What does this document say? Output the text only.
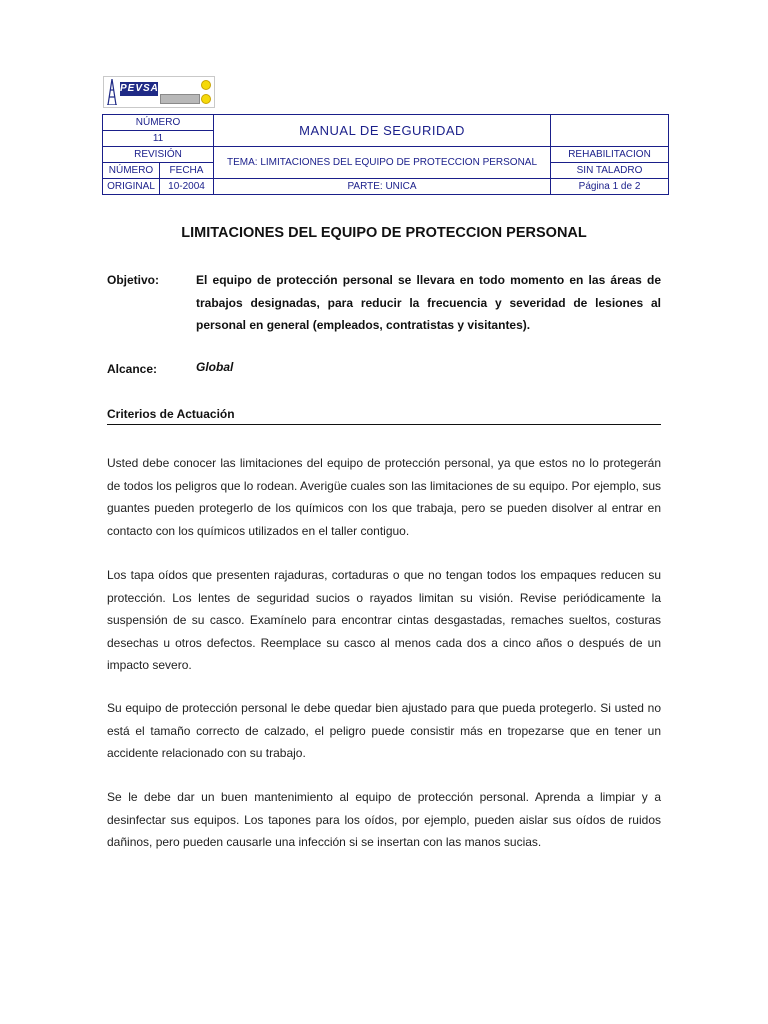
PEVSA
NÚMERO		MANUAL DE SEGURIDAD	
11			
REVISIÓN		TEMA: LIMITACIONES DEL EQUIPO DE PROTECCION PERSONAL	REHABILITACION
NÚMERO	FECHA		SIN TALADRO
ORIGINAL	10-2004	PARTE: UNICA	Página 1 de 2
LIMITACIONES DEL EQUIPO DE PROTECCION PERSONAL
Objetivo:	El equipo de protección personal se llevara en todo momento en las áreas de trabajos designadas, para reducir la frecuencia y severidad de lesiones al personal en general (empleados, contratistas y visitantes).
Alcance:	Global
Criterios de Actuación
Usted debe conocer las limitaciones del equipo de protección personal, ya que estos no lo protegerán de todos los peligros que lo rodean. Averigüe cuales son las limitaciones de su equipo. Por ejemplo, sus guantes pueden protegerlo de los químicos con los que trabaja, pero se pueden disolver al entrar en contacto con los químicos utilizados en el taller contiguo.
Los tapa oídos que presenten rajaduras, cortaduras o que no tengan todos los empaques reducen su protección. Los lentes de seguridad sucios o rayados limitan su visión. Revise periódicamente la suspensión de su casco. Examínelo para encontrar cintas desgastadas, remaches sueltos, costuras desechas u otros defectos. Reemplace su casco al menos cada dos a cinco años o después de un impacto severo.
Su equipo de protección personal le debe quedar bien ajustado para que pueda protegerlo. Si usted no está el tamaño correcto de calzado, el peligro puede consistir más en tropezarse que en tener un accidente relacionado con su trabajo.
Se le debe dar un buen mantenimiento al equipo de protección personal. Aprenda a limpiar y a desinfectar sus equipos. Los tapones para los oídos, por ejemplo, pueden aislar sus oídos de ruidos dañinos, pero pueden causarle una infección si se insertan con las manos sucias.
